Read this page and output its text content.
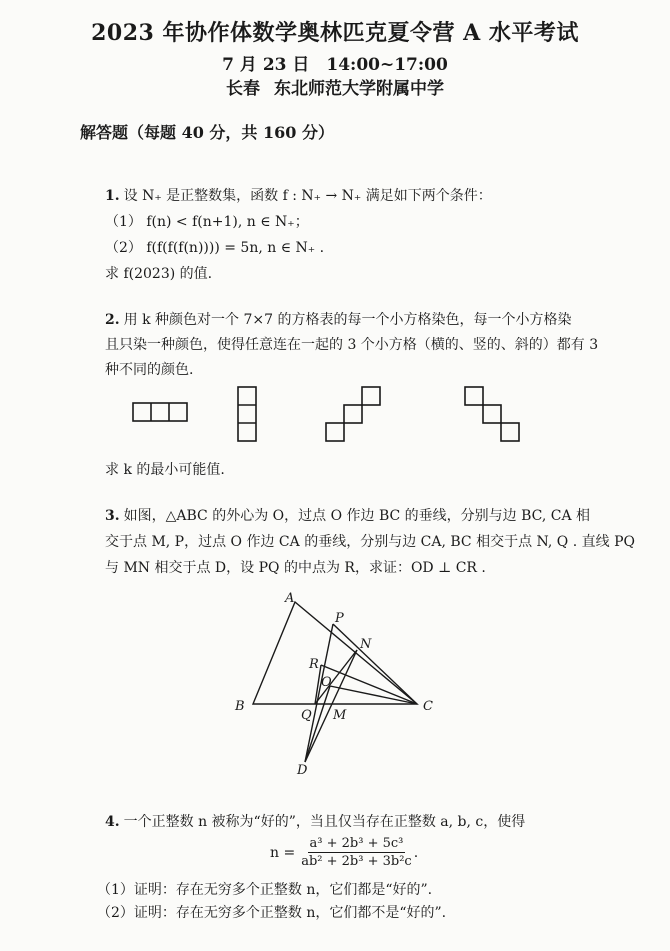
2023 年协作体数学奥林匹克夏令营 A 水平考试
7 月 23 日　14:00~17:00
长春 东北师范大学附属中学
解答题（每题 40 分，共 160 分）
1. 设 N₊ 是正整数集，函数 f : N₊ → N₊ 满足如下两个条件：
（1） f(n) < f(n+1), n ∈ N₊；
（2） f(f(f(f(n)))) = 5n, n ∈ N₊ .
求 f(2023) 的值.
2. 用 k 种颜色对一个 7×7 的方格表的每一个小方格染色，每一个小方格染
且只染一种颜色，使得任意连在一起的 3 个小方格（横的、竖的、斜的）都有 3
种不同的颜色.
求 k 的最小可能值.
3. 如图，△ABC 的外心为 O，过点 O 作边 BC 的垂线，分别与边 BC, CA 相
交于点 M, P，过点 O 作边 CA 的垂线，分别与边 CA, BC 相交于点 N, Q . 直线 PQ
与 MN 相交于点 D，设 PQ 的中点为 R，求证：OD ⊥ CR .
A
P
N
R
O
B	C
Q M
D
4. 一个正整数 n 被称为“好的”，当且仅当存在正整数 a, b, c，使得
$n = \frac{\text{a³ + 2b³ + 5c³}}{\text{ab² + 2b³ + 3b²c}}$ .
（1）证明：存在无穷多个正整数 n，它们都是“好的”.
（2）证明：存在无穷多个正整数 n，它们都不是“好的”.
